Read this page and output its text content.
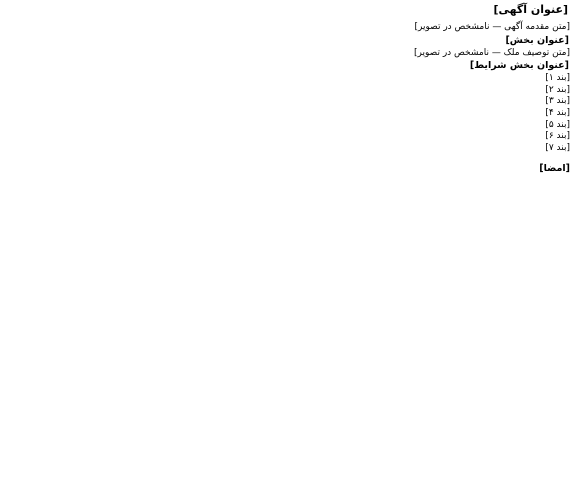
[عنوان آگهی]

[متن مقدمه آگهی — نامشخص در تصویر]

[عنوان بخش]

[متن توصیف ملک — نامشخص در تصویر]

[عنوان بخش شرایط]

[بند ۱]

[بند ۲]

[بند ۳]

[بند ۴]

[بند ۵]

[بند ۶]

[بند ۷]

[امضا]
